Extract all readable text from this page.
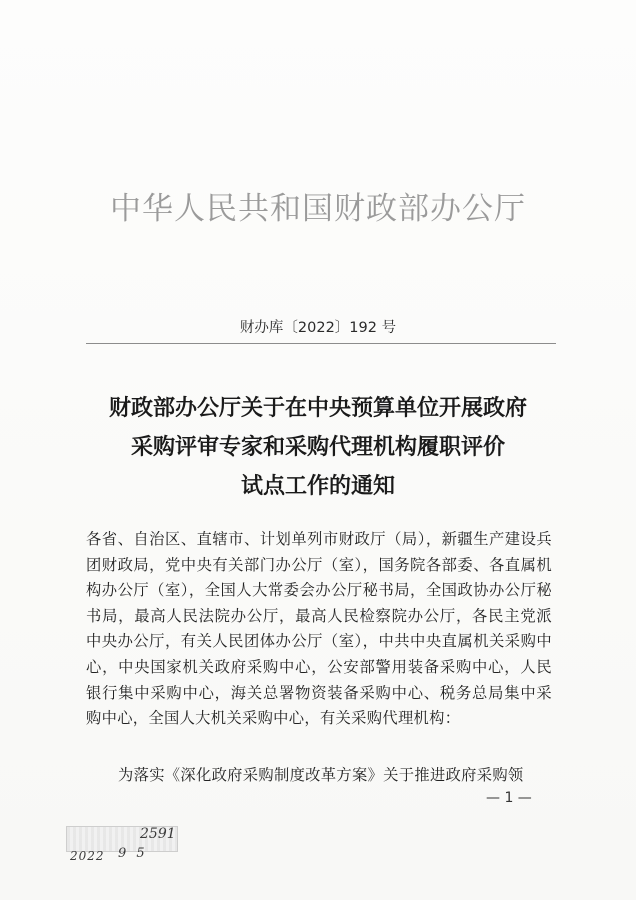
中华人民共和国财政部办公厅
财办库〔2022〕192 号
财政部办公厅关于在中央预算单位开展政府
采购评审专家和采购代理机构履职评价
试点工作的通知
各省、自治区、直辖市、计划单列市财政厅（局），新疆生产建设兵团财政局，党中央有关部门办公厅（室），国务院各部委、各直属机构办公厅（室），全国人大常委会办公厅秘书局，全国政协办公厅秘书局，最高人民法院办公厅，最高人民检察院办公厅，各民主党派中央办公厅，有关人民团体办公厅（室），中共中央直属机关采购中心，中央国家机关政府采购中心，公安部警用装备采购中心，人民银行集中采购中心，海关总署物资装备采购中心、税务总局集中采购中心，全国人大机关采购中心，有关采购代理机构：
为落实《深化政府采购制度改革方案》关于推进政府采购领
— 1 —
2591
2022 9 5
